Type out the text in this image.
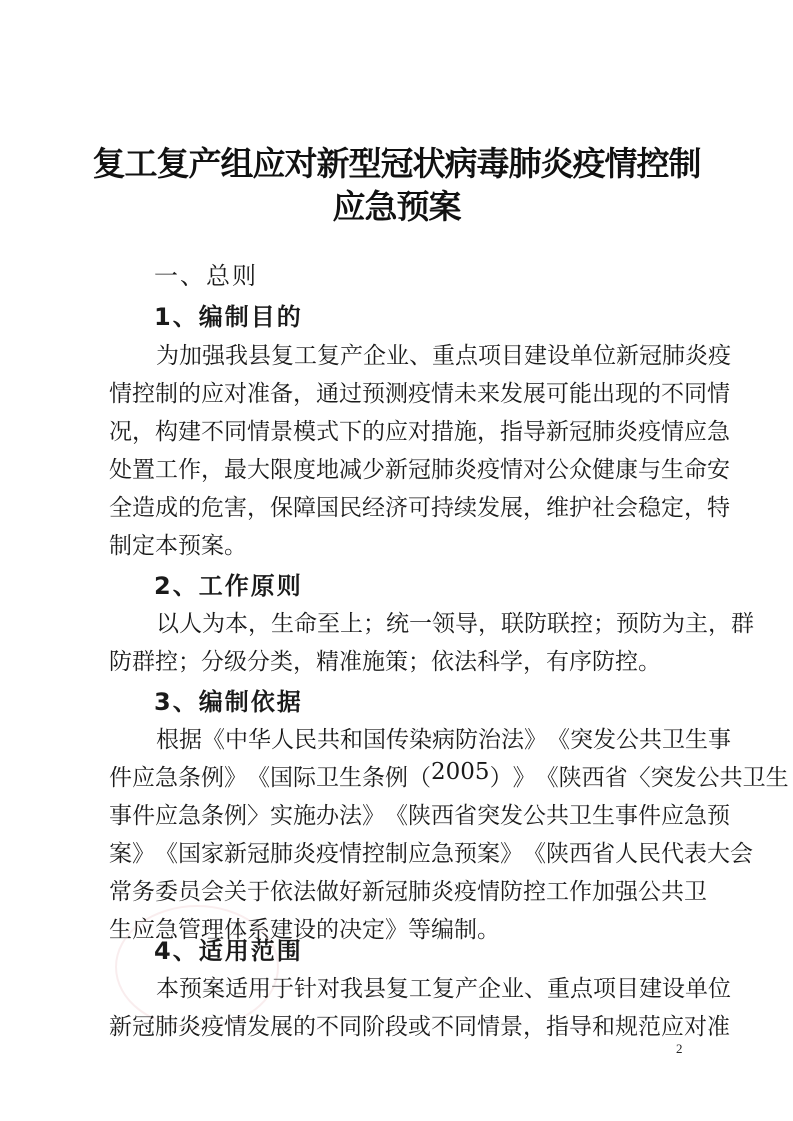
复工复产组应对新型冠状病毒肺炎疫情控制
应急预案
一、总则
1、编制目的
为 加 强 我 县 复 工 复 产 企 业 、 重 点 项 目 建 设 单 位 新 冠 肺 炎 疫
情 控 制 的 应 对 准 备 ， 通 过 预 测 疫 情 未 来 发 展 可 能 出 现 的 不 同 情
况 ， 构 建 不 同 情 景 模 式 下 的 应 对 措 施 ， 指 导 新 冠 肺 炎 疫 情 应 急
处 置 工 作 ， 最 大 限 度 地 减 少 新 冠 肺 炎 疫 情 对 公 众 健 康 与 生 命 安
全 造 成 的 危 害 ， 保 障 国 民 经 济 可 持 续 发 展 ， 维 护 社 会 稳 定 ， 特
制定本预案。
2、工作原则
以 人 为 本 ， 生 命 至 上 ； 统 一 领 导 ， 联 防 联 控 ； 预 防 为 主 ， 群
防群控；分级分类，精准施策；依法科学，有序防控。
3、编制依据
根 据 《 中 华 人 民 共 和 国 传 染 病 防 治 法 》 《 突 发 公 共 卫 生 事
件 应 急 条 例 》 《 国 际 卫 生 条 例 （ 2 0 0 5 ） 》 《 陕 西 省 〈 突 发 公 共 卫 生
事 件 应 急 条 例 〉 实 施 办 法 》 《 陕 西 省 突 发 公 共 卫 生 事 件 应 急 预
案 》 《 国 家 新 冠 肺 炎 疫 情 控 制 应 急 预 案 》 《 陕 西 省 人 民 代 表 大 会
常 务 委 员 会 关 于 依 法 做 好 新 冠 肺 炎 疫 情 防 控 工 作 加 强 公 共 卫
生应急管理体系建设的决定》等编制。
4、适用范围
本 预 案 适 用 于 针 对 我 县 复 工 复 产 企 业 、 重 点 项 目 建 设 单 位
新 冠 肺 炎 疫 情 发 展 的 不 同 阶 段 或 不 同 情 景 ， 指 导 和 规 范 应 对 准
2
